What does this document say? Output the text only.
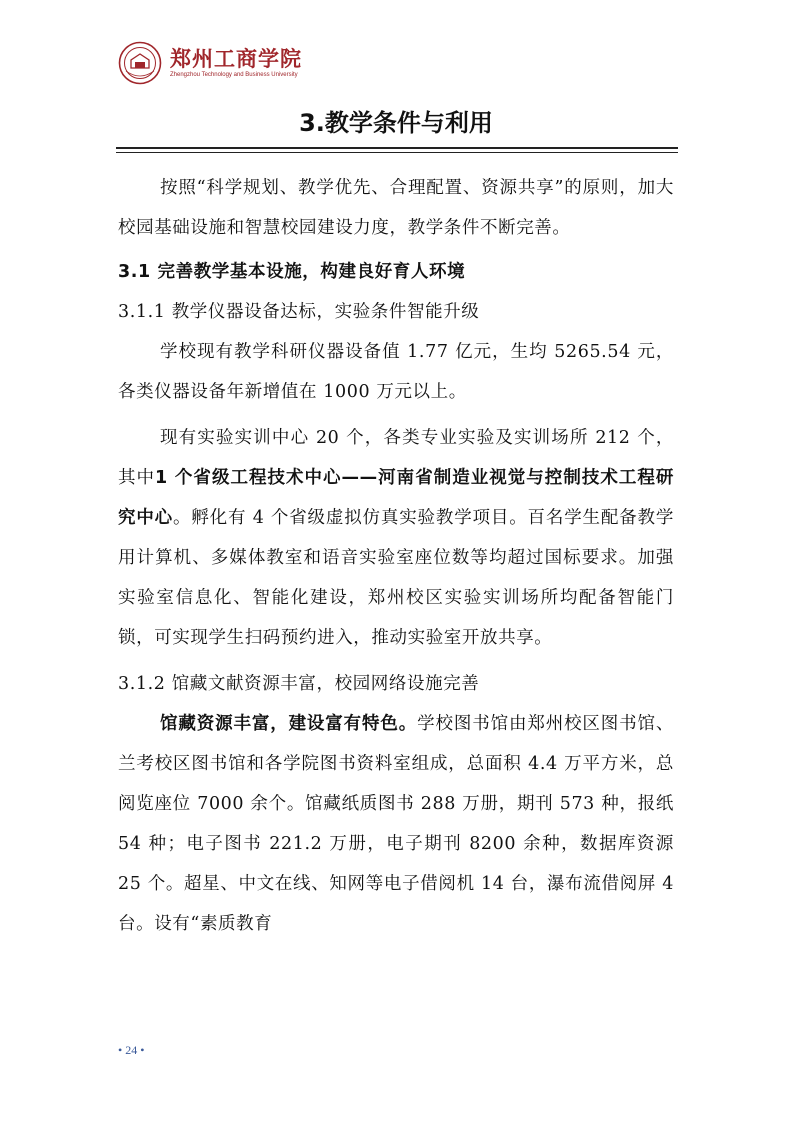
郑州工商学院
Zhengzhou Technology and Business University
3.教学条件与利用

按照“科学规划、教学优先、合理配置、资源共享”的原则，加大校园基础设施和智慧校园建设力度，教学条件不断完善。

3.1 完善教学基本设施，构建良好育人环境

3.1.1 教学仪器设备达标，实验条件智能升级

学校现有教学科研仪器设备值 1.77 亿元，生均 5265.54 元，各类仪器设备年新增值在 1000 万元以上。

现有实验实训中心 20 个，各类专业实验及实训场所 212 个，其中1 个省级工程技术中心——河南省制造业视觉与控制技术工程研究中心。孵化有 4 个省级虚拟仿真实验教学项目。百名学生配备教学用计算机、多媒体教室和语音实验室座位数等均超过国标要求。加强实验室信息化、智能化建设，郑州校区实验实训场所均配备智能门锁，可实现学生扫码预约进入，推动实验室开放共享。

3.1.2 馆藏文献资源丰富，校园网络设施完善

馆藏资源丰富，建设富有特色。学校图书馆由郑州校区图书馆、兰考校区图书馆和各学院图书资料室组成，总面积 4.4 万平方米，总阅览座位 7000 余个。馆藏纸质图书 288 万册，期刊 573 种，报纸 54 种；电子图书 221.2 万册，电子期刊 8200 余种，数据库资源 25 个。超星、中文在线、知网等电子借阅机 14 台，瀑布流借阅屏 4 台。设有“素质教育

• 24 •
